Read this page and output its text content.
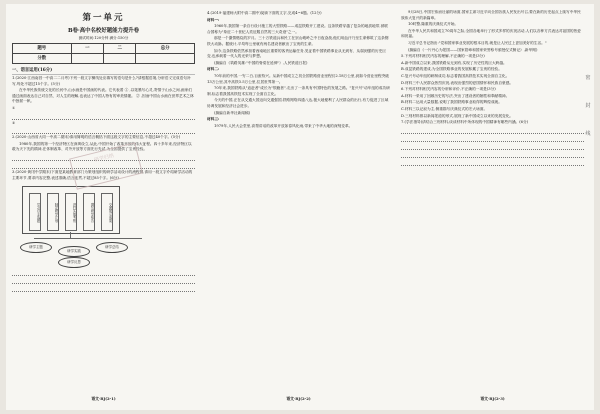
第一单元
B卷·高中名校好题能力提升卷
测试时间:120分钟 满分:150分
题号	一	二	总分
分数			
一、语言运用(16分)
1.(2020·江西南昌一中高二二月考)下列一段文字横线处应填写的语句是什么?请根据语境,分析语义完成语句补写,每处不超过15个字。(5分)
在中华民族传统文化的长河中,山水画是中国画的代表。它代表着 ① ,以笔墨写心灵,寄情于山水之间,画家们通过画面表达自己对自然、对人生的理解,也表达了中国人特有的审美情趣。 ② ,因而中国山水画在世界艺术之林中独树一帜。
①
②
2.(2020·山西省大同一中高二期末)请用简明的语言概括下面这段文字的主要信息,不超过40个字。(5分)
1980年,我国的第一个经济特区在深圳设立,从此,中国开始了改革开放的伟大征程。四十多年来,经济特区以敢为天下先的精神,在体制改革、对外开放等方面先行先试,为全国提供了宝贵经验。
3.(2020·黄冈中学期末)下面是某地教育部门为策划组织的研学活动设计的流程图,请用一段文字介绍研学活动的主要环节,要求内容完整,表述准确,语言连贯,不超过85个字。(6分)
学习自主选题	制定研学计划	进行实地考察	撰写研学报告	交流展示成果
研学主题
研学实践
研学总结
研学反思
4.(2019·福建师大附中高二期中)阅读下面的文字,完成4~6题。(12分)
材料一:
1960年,我国第一条自行设计施工的大型铁路——成昆铁路开工建设。这条铁路穿越了复杂的地质地带,被联合国称为"象征二十世纪人类征服自然的三大奇迹"之一。
那是一个激情燃烧的岁月。三十万铁道兵和民工在崇山峻岭之中日夜奋战,他们用血汗乃至生命修筑了这条钢铁大动脉。据统计,平均每公里就有两名建设者献出了宝贵的生命。
如今,这条铁路依然承担着西南地区重要的客货运输任务,见证着中国铁路事业从无到有、从弱到强的历史巨变,也承载着一代人的光荣与梦想。
(摘编自《筑路英雄:"中国的脊梁在延伸"》,人民铁道日报)
材料二:
70年前的中国,一穷二白,百废待兴。从新中国成立之初全国铁路营业里程仅2.18万公里,到如今营业里程突破13万公里,其中高铁3.5万公里,位居世界第一。
70年来,我国铁路从"追赶者"成长为"领跑者",走出了一条具有中国特色的发展之路。"复兴号"动车组的成功研制,标志着我国高铁技术实现了全面自主化。
今天的中国,正在从交通大国迈向交通强国,铁路网络四通八达,极大地便利了人民群众的出行,有力促进了区域协调发展和经济社会进步。
(摘编自新华社新闻稿)
材料三:
1979年,人民大会堂里,高帮讲话的改革开放如春风化雨,带来了中华大地的深刻变革。
研学归纳
9月28日,中国宏伟而壮丽的场面,国家主席习近平向全国各族人民发出号召,要在新的历史起点上续写中华民族伟大复兴的新篇章。
10时整,隆重的庆典仪式开始。
在中华人民共和国成立70周年之际,全国各地举行了形式多样的庆祝活动,人们以各种方式表达对祖国的热爱和祝福。
习近平总书记指出:"党和国家事业发展的根本目的,就是让人民过上更加美好的生活。"
(摘编自《一片丹心为报国——国家勋章和国家荣誉称号颁授仪式侧记》,新华网)
5.下列对材料相关内容的理解,不正确的一项是(3分)
A.新中国成立以来,我国铁路从无到有,实现了历史性的巨大跨越。
B.成昆铁路的建成,为全国铁路事业的发展积累了宝贵的经验。
C.复兴号动车组的研制成功,标志着我国高铁技术实现全面自主化。
D.材料三中人民群众热烈庆祝,表现出强烈的爱国情怀和民族自豪感。
6.下列对材料相关内容的分析和评价,不正确的一项是(3分)
A.材料一采用了回顾历史的写法,突出了建设者的牺牲和奉献精神。
B.材料二运用大量数据,说明了我国铁路事业取得的辉煌成就。
C.材料三以记叙为主,侧重描写庆典仪式的宏大场面。
D.三则材料都以新闻报道的形式,展现了新中国成立以来的发展变化。
7.(学法指导)请结合三则材料,谈谈材料中所体现的中国精神有哪些内涵。(6分)
密
封
线
语文·RJ(2-1)	语文·RJ(2-2)	语文·RJ(2-3)
